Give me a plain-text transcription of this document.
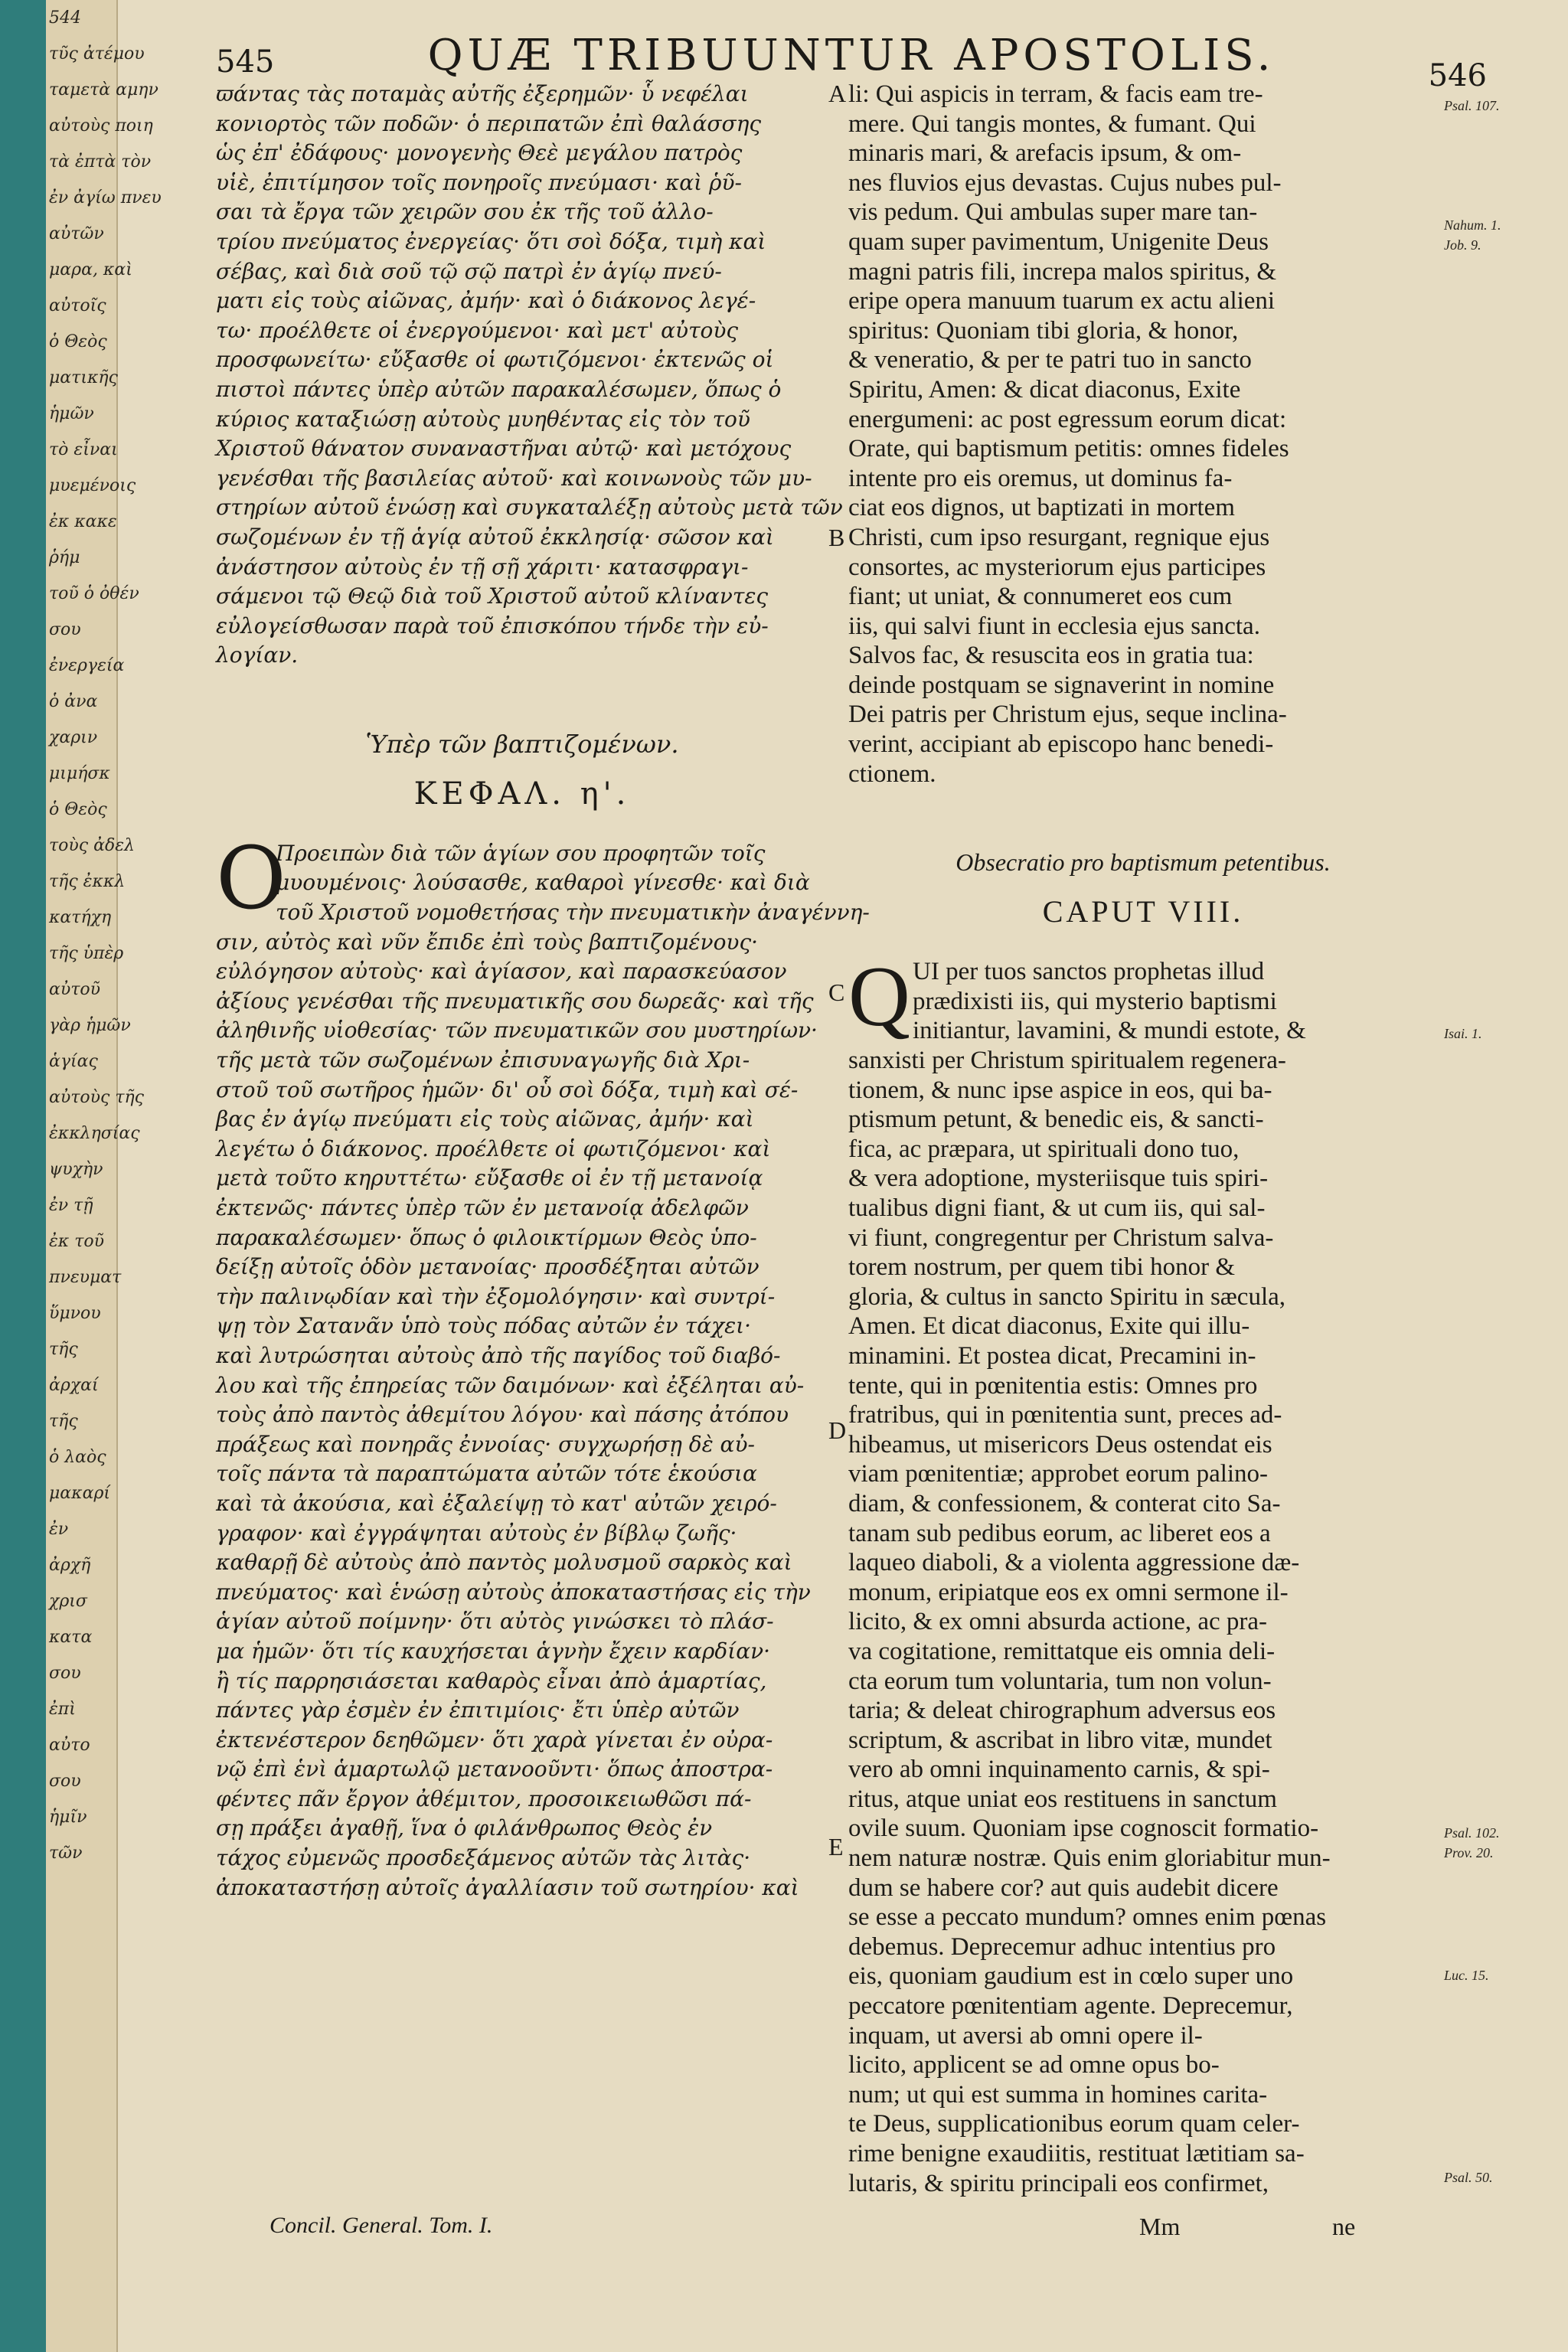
544
τῦς ἀτέμου
ταμετὰ αμην
αὐτοὺς ποιη
τὰ ἐπτὰ τὸν
ἐν ἀγίω πνευ
αὐτῶν
μαρα, καὶ
αὐτοῖς
ὁ Θεὸς
ματικῆς
ἡμῶν
τὸ εἶναι
μυεμένοις
ἐκ κακε
ῥήμ
τοῦ ὁ ὀθέν
σου
ἐνεργεία
ὁ ἀνα
χαριν
μιμήσκ
ὁ Θεὸς
τοὺς ἀδελ
τῆς ἐκκλ
κατήχη
τῆς ὑπὲρ
αὐτοῦ
γὰρ ἡμῶν
ἁγίας
αὐτοὺς τῆς
ἐκκλησίας
ψυχὴν
ἐν τῇ
ἐκ τοῦ
πνευματ
ὕμνου
τῆς
ἀρχαί
τῆς
ὁ λαὸς
μακαρί
ἐν
ἀρχῆ
χρισ
κατα
σου
ἐπὶ
αὐτο
σου
ἡμῖν
τῶν
545	QUÆ TRIBUUNTUR APOSTOLIS.	546
ϖάντας τὰς ποταμὰς αὐτῆς ἐξερημῶν· ὗ νεφέλαι
κονιορτὸς τῶν ποδῶν· ὁ περιπατῶν ἐπὶ θαλάσσης
ὡς ἐπ' ἐδάφους· μονογενὴς Θεὲ μεγάλου πατρὸς
υἱὲ, ἐπιτίμησον τοῖς πονηροῖς πνεύμασι· καὶ ῥῦ-
σαι τὰ ἔργα τῶν χειρῶν σου ἐκ τῆς τοῦ ἀλλο-
τρίου πνεύματος ἐνεργείας· ὅτι σοὶ δόξα, τιμὴ καὶ
σέβας, καὶ διὰ σοῦ τῷ σῷ πατρὶ ἐν ἁγίῳ πνεύ-
ματι εἰς τοὺς αἰῶνας, ἀμήν· καὶ ὁ διάκονος λεγέ-
τω· προέλθετε οἱ ἐνεργούμενοι· καὶ μετ' αὐτοὺς
προσφωνείτω· εὔξασθε οἱ φωτιζόμενοι· ἐκτενῶς οἱ
πιστοὶ πάντες ὑπὲρ αὐτῶν παρακαλέσωμεν, ὅπως ὁ
κύριος καταξιώσῃ αὐτοὺς μυηθέντας εἰς τὸν τοῦ
Χριστοῦ θάνατον συναναστῆναι αὐτῷ· καὶ μετόχους
γενέσθαι τῆς βασιλείας αὐτοῦ· καὶ κοινωνοὺς τῶν μυ-
στηρίων αὐτοῦ ἑνώσῃ καὶ συγκαταλέξῃ αὐτοὺς μετὰ τῶν
σωζομένων ἐν τῇ ἁγίᾳ αὐτοῦ ἐκκλησίᾳ· σῶσον καὶ
ἀνάστησον αὐτοὺς ἐν τῇ σῇ χάριτι· κατασφραγι-
σάμενοι τῷ Θεῷ διὰ τοῦ Χριστοῦ αὐτοῦ κλίναντες
εὐλογείσθωσαν παρὰ τοῦ ἐπισκόπου τήνδε τὴν εὐ-
λογίαν.
Ὑπὲρ τῶν βαπτιζομένων.
ΚΕΦΑΛ. η'.
Ο
Προειπὼν διὰ τῶν ἁγίων σου προφητῶν τοῖς
μυουμένοις· λούσασθε, καθαροὶ γίνεσθε· καὶ διὰ
τοῦ Χριστοῦ νομοθετήσας τὴν πνευματικὴν ἀναγέννη-
σιν, αὐτὸς καὶ νῦν ἔπιδε ἐπὶ τοὺς βαπτιζομένους·
εὐλόγησον αὐτοὺς· καὶ ἁγίασον, καὶ παρασκεύασον
ἀξίους γενέσθαι τῆς πνευματικῆς σου δωρεᾶς· καὶ τῆς
ἀληθινῆς υἱοθεσίας· τῶν πνευματικῶν σου μυστηρίων·
τῆς μετὰ τῶν σωζομένων ἐπισυναγωγῆς διὰ Χρι-
στοῦ τοῦ σωτῆρος ἡμῶν· δι' οὗ σοὶ δόξα, τιμὴ καὶ σέ-
βας ἐν ἁγίῳ πνεύματι εἰς τοὺς αἰῶνας, ἀμήν· καὶ
λεγέτω ὁ διάκονος. προέλθετε οἱ φωτιζόμενοι· καὶ
μετὰ τοῦτο κηρυττέτω· εὔξασθε οἱ ἐν τῇ μετανοίᾳ
ἐκτενῶς· πάντες ὑπὲρ τῶν ἐν μετανοίᾳ ἀδελφῶν
παρακαλέσωμεν· ὅπως ὁ φιλοικτίρμων Θεὸς ὑπο-
δείξῃ αὐτοῖς ὁδὸν μετανοίας· προσδέξηται αὐτῶν
τὴν παλινῳδίαν καὶ τὴν ἐξομολόγησιν· καὶ συντρί-
ψῃ τὸν Σατανᾶν ὑπὸ τοὺς πόδας αὐτῶν ἐν τάχει·
καὶ λυτρώσηται αὐτοὺς ἀπὸ τῆς παγίδος τοῦ διαβό-
λου καὶ τῆς ἐπηρείας τῶν δαιμόνων· καὶ ἐξέληται αὐ-
τοὺς ἀπὸ παντὸς ἀθεμίτου λόγου· καὶ πάσης ἀτόπου
πράξεως καὶ πονηρᾶς ἐννοίας· συγχωρήσῃ δὲ αὐ-
τοῖς πάντα τὰ παραπτώματα αὐτῶν τότε ἑκούσια
καὶ τὰ ἀκούσια, καὶ ἐξαλείψῃ τὸ κατ' αὐτῶν χειρό-
γραφον· καὶ ἐγγράψηται αὐτοὺς ἐν βίβλῳ ζωῆς·
καθαρῇ δὲ αὐτοὺς ἀπὸ παντὸς μολυσμοῦ σαρκὸς καὶ
πνεύματος· καὶ ἑνώσῃ αὐτοὺς ἀποκαταστήσας εἰς τὴν
ἁγίαν αὐτοῦ ποίμνην· ὅτι αὐτὸς γινώσκει τὸ πλάσ-
μα ἡμῶν· ὅτι τίς καυχήσεται ἁγνὴν ἔχειν καρδίαν·
ἢ τίς παρρησιάσεται καθαρὸς εἶναι ἀπὸ ἁμαρτίας,
πάντες γὰρ ἐσμὲν ἐν ἐπιτιμίοις· ἔτι ὑπὲρ αὐτῶν
ἐκτενέστερον δεηθῶμεν· ὅτι χαρὰ γίνεται ἐν οὐρα-
νῷ ἐπὶ ἑνὶ ἁμαρτωλῷ μετανοοῦντι· ὅπως ἀποστρα-
φέντες πᾶν ἔργον ἀθέμιτον, προσοικειωθῶσι πά-
σῃ πράξει ἀγαθῇ, ἵνα ὁ φιλάνθρωπος Θεὸς ἐν
τάχος εὐμενῶς προσδεξάμενος αὐτῶν τὰς λιτὰς·
ἀποκαταστήσῃ αὐτοῖς ἀγαλλίασιν τοῦ σωτηρίου· καὶ
li: Qui aspicis in terram, & facis eam tre-
mere. Qui tangis montes, & fumant. Qui
minaris mari, & arefacis ipsum, & om-
nes fluvios ejus devastas. Cujus nubes pul-
vis pedum. Qui ambulas super mare tan-
quam super pavimentum, Unigenite Deus
magni patris fili, increpa malos spiritus, &
eripe opera manuum tuarum ex actu alieni
spiritus: Quoniam tibi gloria, & honor,
& veneratio, & per te patri tuo in sancto
Spiritu, Amen: & dicat diaconus, Exite
energumeni: ac post egressum eorum dicat:
Orate, qui baptismum petitis: omnes fideles
intente pro eis oremus, ut dominus fa-
ciat eos dignos, ut baptizati in mortem
Christi, cum ipso resurgant, regnique ejus
consortes, ac mysteriorum ejus participes
fiant; ut uniat, & connumeret eos cum
iis, qui salvi fiunt in ecclesia ejus sancta.
Salvos fac, & resuscita eos in gratia tua:
deinde postquam se signaverint in nomine
Dei patris per Christum ejus, seque inclina-
verint, accipiant ab episcopo hanc benedi-
ctionem.
Obsecratio pro baptismum petentibus.
CAPUT VIII.
Q UI per tuos sanctos prophetas illud
prædixisti iis, qui mysterio baptismi
initiantur, lavamini, & mundi estote, &
sanxisti per Christum spiritualem regenera-
tionem, & nunc ipse aspice in eos, qui ba-
ptismum petunt, & benedic eis, & sancti-
ficа, ac præpara, ut spirituali dono tuo,
& vera adoptione, mysteriisque tuis spiri-
tualibus digni fiant, & ut cum iis, qui sal-
vi fiunt, congregentur per Christum salva-
torem nostrum, per quem tibi honor &
gloria, & cultus in sancto Spiritu in sæcula,
Amen. Et dicat diaconus, Exite qui illu-
minamini. Et postea dicat, Precamini in-
tente, qui in pœnitentia estis: Omnes pro
fratribus, qui in pœnitentia sunt, preces ad-
hibeamus, ut misericors Deus ostendat eis
viam pœnitentiæ; approbet eorum palino-
diam, & confessionem, & conterat cito Sa-
tanam sub pedibus eorum, ac liberet eos a
laqueo diaboli, & a violenta aggressione dæ-
monum, eripiatque eos ex omni sermone il-
licito, & ex omni absurda actione, ac pra-
va cogitatione, remittatque eis omnia deli-
cta eorum tum voluntaria, tum non volun-
taria; & deleat chirographum adversus eos
scriptum, & ascribat in libro vitæ, mundet
vero ab omni inquinamento carnis, & spi-
ritus, atque uniat eos restituens in sanctum
ovile suum. Quoniam ipse cognoscit formatio-
nem naturæ nostræ. Quis enim gloriabitur mun-
dum se habere cor? aut quis audebit dicere
se esse a peccato mundum? omnes enim pœnas
debemus. Deprecemur adhuc intentius pro
eis, quoniam gaudium est in cœlo super uno
peccatore pœnitentiam agente. Deprecemur,
inquam, ut aversi ab omni opere il-
licito, applicent se ad omne opus bo-
num; ut qui est summa in homines carita-
te Deus, supplicationibus eorum quam celer-
rime benigne exaudiitis, restituat lætitiam sa-
lutaris, & spiritu principali eos confirmet,
A
B
C
D
E
Psal. 107.
Nahum. 1.
Job. 9.
Isai. 1.
Psal. 102.
Prov. 20.
Luc. 15.
Psal. 50.
Concil. General. Tom. I.	Mm	ne
